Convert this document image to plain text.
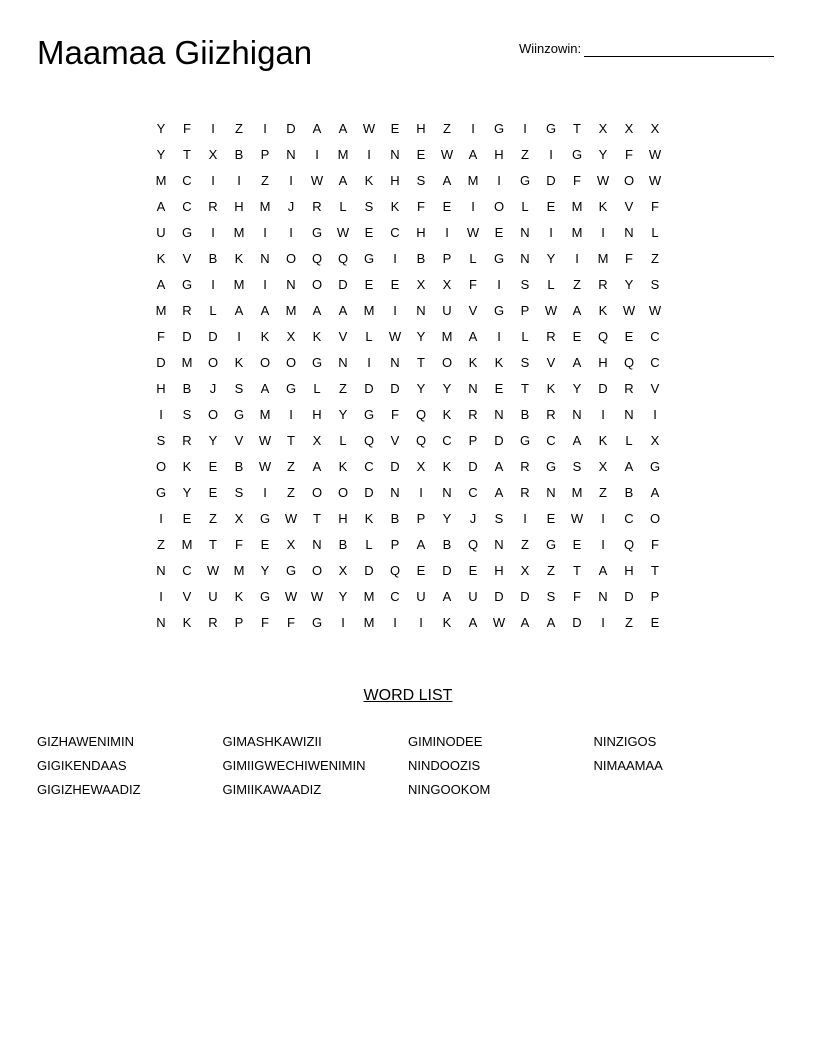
Maamaa Giizhigan	Wiinzowin:
Y	F	I	Z	I	D	A	A	W	E	H	Z	I	G	I	G	T	X	X	X
Y	T	X	B	P	N	I	M	I	N	E	W	A	H	Z	I	G	Y	F	W
M	C	I	I	Z	I	W	A	K	H	S	A	M	I	G	D	F	W	O	W
A	C	R	H	M	J	R	L	S	K	F	E	I	O	L	E	M	K	V	F
U	G	I	M	I	I	G	W	E	C	H	I	W	E	N	I	M	I	N	L
K	V	B	K	N	O	Q	Q	G	I	B	P	L	G	N	Y	I	M	F	Z
A	G	I	M	I	N	O	D	E	E	X	X	F	I	S	L	Z	R	Y	S
M	R	L	A	A	M	A	A	M	I	N	U	V	G	P	W	A	K	W	W
F	D	D	I	K	X	K	V	L	W	Y	M	A	I	L	R	E	Q	E	C
D	M	O	K	O	O	G	N	I	N	T	O	K	K	S	V	A	H	Q	C
H	B	J	S	A	G	L	Z	D	D	Y	Y	N	E	T	K	Y	D	R	V
I	S	O	G	M	I	H	Y	G	F	Q	K	R	N	B	R	N	I	N	I
S	R	Y	V	W	T	X	L	Q	V	Q	C	P	D	G	C	A	K	L	X
O	K	E	B	W	Z	A	K	C	D	X	K	D	A	R	G	S	X	A	G
G	Y	E	S	I	Z	O	O	D	N	I	N	C	A	R	N	M	Z	B	A
I	E	Z	X	G	W	T	H	K	B	P	Y	J	S	I	E	W	I	C	O
Z	M	T	F	E	X	N	B	L	P	A	B	Q	N	Z	G	E	I	Q	F
N	C	W	M	Y	G	O	X	D	Q	E	D	E	H	X	Z	T	A	H	T
I	V	U	K	G	W	W	Y	M	C	U	A	U	D	D	S	F	N	D	P
N	K	R	P	F	F	G	I	M	I	I	K	A	W	A	A	D	I	Z	E
WORD LIST
GIZHAWENIMIN	GIMASHKAWIZII	GIMINODEE	NINZIGOS
GIGIKENDAAS	GIMIIGWECHIWENIMIN	NINDOOZIS	NIMAAMAA
GIGIZHEWAADIZ	GIMIIKAWAADIZ	NINGOOKOM
